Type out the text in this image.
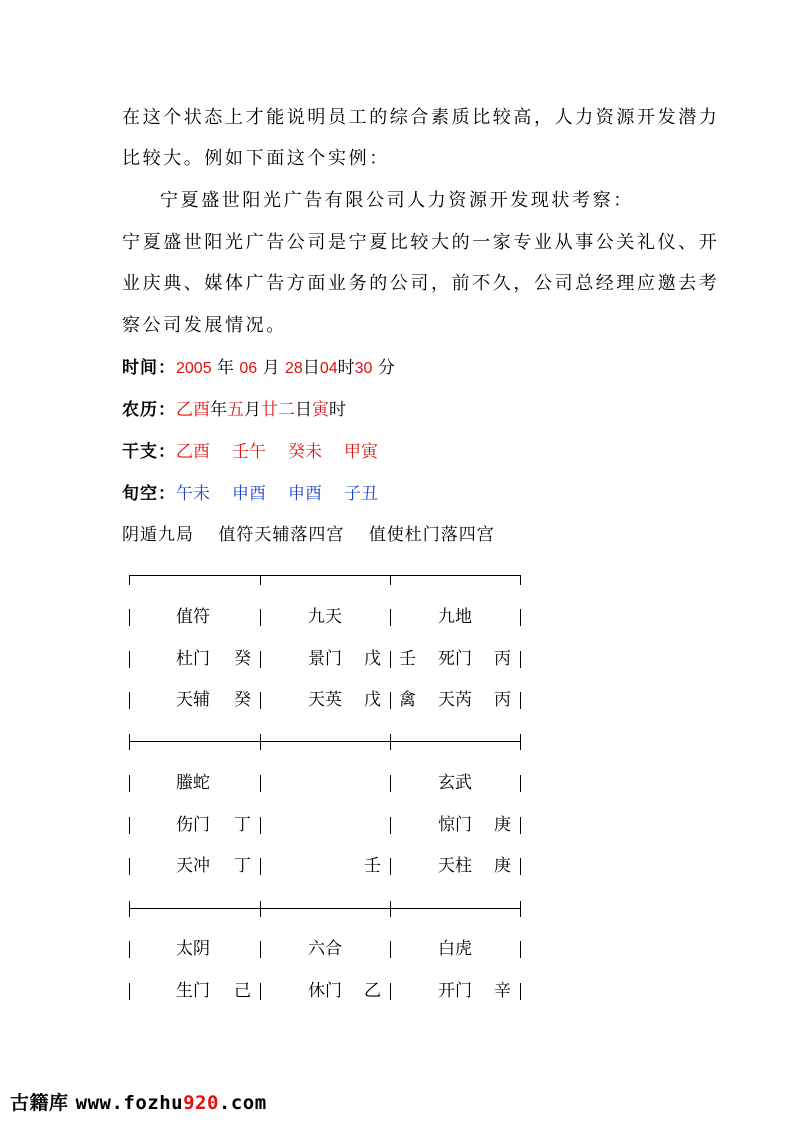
在这个状态上才能说明员工的综合素质比较高，人力资源开发潜力
比较大。例如下面这个实例：
宁夏盛世阳光广告有限公司人力资源开发现状考察：
宁夏盛世阳光广告公司是宁夏比较大的一家专业从事公关礼仪、开
业庆典、媒体广告方面业务的公司，前不久，公司总经理应邀去考
察公司发展情况。
时间：2005 年 06 月 28日04时30 分
农历：乙酉年五月廿二日寅时
干支：乙酉 壬午 癸未 甲寅
旬空：午未 申酉 申酉 子丑
阴遁九局　 值符天辅落四宫　 值使杜门落四宫
值符
杜门 癸
天辅 癸
九天
景门 戊
天英 戊
九地
壬 死门 丙
禽 天芮 丙
螣蛇
伤门 丁
天冲 丁	壬
玄武
惊门 庚
天柱 庚
太阴
生门 己
六合
休门 乙
白虎
开门 辛
古籍库 www.fozhu920.com
